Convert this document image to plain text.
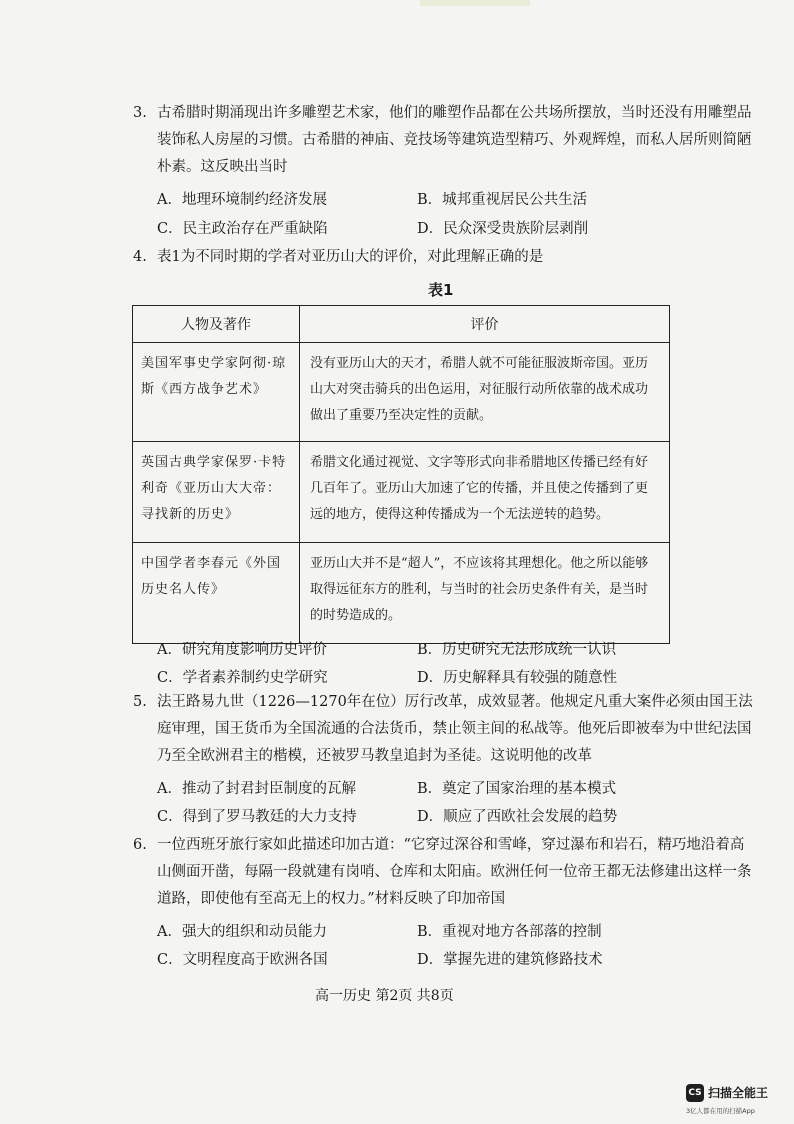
3. 古希腊时期涌现出许多雕塑艺术家，他们的雕塑作品都在公共场所摆放，当时还没有用雕塑品装饰私人房屋的习惯。古希腊的神庙、竞技场等建筑造型精巧、外观辉煌，而私人居所则简陋朴素。这反映出当时
A．地理环境制约经济发展	B．城邦重视居民公共生活
C．民主政治存在严重缺陷	D．民众深受贵族阶层剥削
4. 表1为不同时期的学者对亚历山大的评价，对此理解正确的是
表1
人物及著作	评价
美国军事史学家阿彻·琼斯《西方战争艺术》	没有亚历山大的天才，希腊人就不可能征服波斯帝国。亚历山大对突击骑兵的出色运用，对征服行动所依靠的战术成功做出了重要乃至决定性的贡献。
英国古典学家保罗·卡特利奇《亚历山大大帝：寻找新的历史》	希腊文化通过视觉、文字等形式向非希腊地区传播已经有好几百年了。亚历山大加速了它的传播，并且使之传播到了更远的地方，使得这种传播成为一个无法逆转的趋势。
中国学者李春元《外国历史名人传》	亚历山大并不是“超人”，不应该将其理想化。他之所以能够取得远征东方的胜利，与当时的社会历史条件有关，是当时的时势造成的。
A．研究角度影响历史评价	B．历史研究无法形成统一认识
C．学者素养制约史学研究	D．历史解释具有较强的随意性
5. 法王路易九世（1226—1270年在位）厉行改革，成效显著。他规定凡重大案件必须由国王法庭审理，国王货币为全国流通的合法货币，禁止领主间的私战等。他死后即被奉为中世纪法国乃至全欧洲君主的楷模，还被罗马教皇追封为圣徒。这说明他的改革
A．推动了封君封臣制度的瓦解	B．奠定了国家治理的基本模式
C．得到了罗马教廷的大力支持	D．顺应了西欧社会发展的趋势
6. 一位西班牙旅行家如此描述印加古道：“它穿过深谷和雪峰，穿过瀑布和岩石，精巧地沿着高山侧面开凿，每隔一段就建有岗哨、仓库和太阳庙。欧洲任何一位帝王都无法修建出这样一条道路，即使他有至高无上的权力。”材料反映了印加帝国
A．强大的组织和动员能力	B．重视对地方各部落的控制
C．文明程度高于欧洲各国	D．掌握先进的建筑修路技术
高一历史 第2页 共8页
CS 扫描全能王
3亿人都在用的扫描App
